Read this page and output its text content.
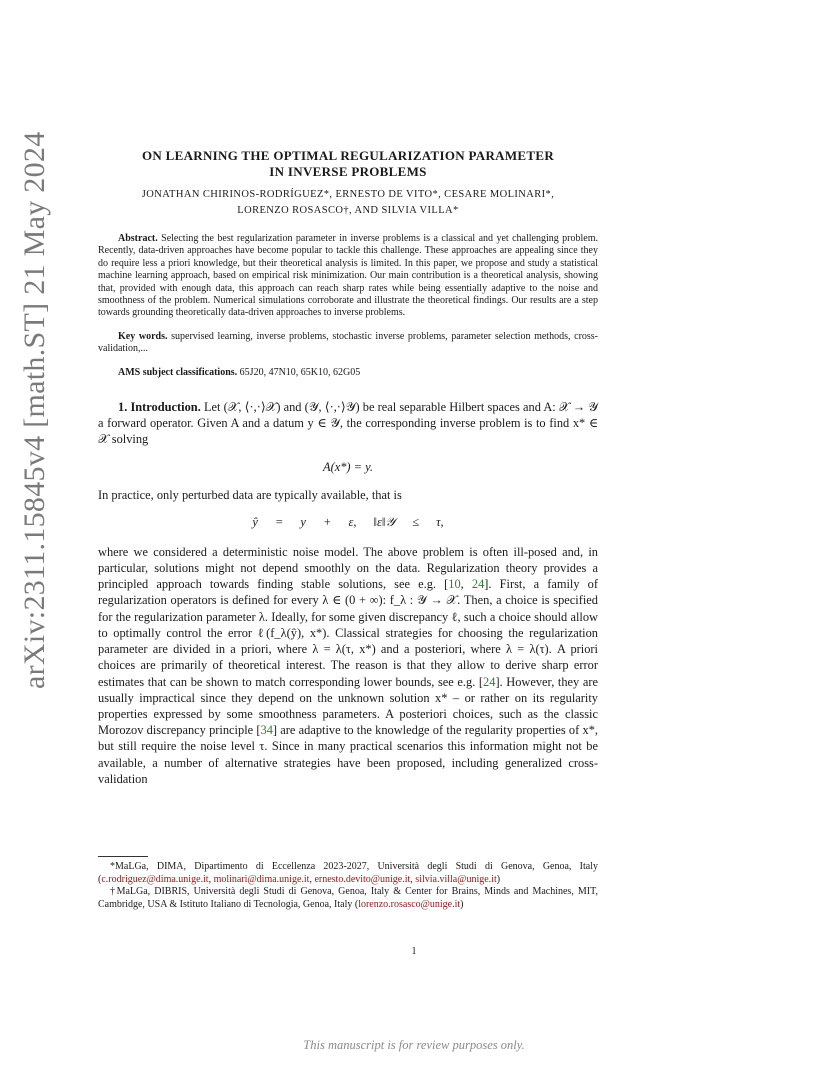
arXiv:2311.15845v4 [math.ST] 21 May 2024	ON LEARNING THE OPTIMAL REGULARIZATION PARAMETER
IN INVERSE PROBLEMS
JONATHAN CHIRINOS-RODRÍGUEZ*, ERNESTO DE VITO*, CESARE MOLINARI*,
LORENZO ROSASCO†, AND SILVIA VILLA*
Abstract. Selecting the best regularization parameter in inverse problems is a classical and yet challenging problem. Recently, data-driven approaches have become popular to tackle this challenge. These approaches are appealing since they do require less a priori knowledge, but their theoretical analysis is limited. In this paper, we propose and study a statistical machine learning approach, based on empirical risk minimization. Our main contribution is a theoretical analysis, showing that, provided with enough data, this approach can reach sharp rates while being essentially adaptive to the noise and smoothness of the problem. Numerical simulations corroborate and illustrate the theoretical findings. Our results are a step towards grounding theoretically data-driven approaches to inverse problems.
Key words. supervised learning, inverse problems, stochastic inverse problems, parameter selection methods, cross-validation,...
AMS subject classifications. 65J20, 47N10, 65K10, 62G05
1. Introduction. Let (𝒳, ⟨·,·⟩𝒳) and (𝒴, ⟨·,·⟩𝒴) be real separable Hilbert spaces and A: 𝒳 → 𝒴 a forward operator. Given A and a datum y ∈ 𝒴, the corresponding inverse problem is to find x* ∈ 𝒳 solving
A(x*) = y.
In practice, only perturbed data are typically available, that is
ŷ = y + ε, ‖ε‖𝒴 ≤ τ,
where we considered a deterministic noise model. The above problem is often ill-posed and, in particular, solutions might not depend smoothly on the data. Regularization theory provides a principled approach towards finding stable solutions, see e.g. [10, 24]. First, a family of regularization operators is defined for every λ ∈ (0 + ∞): f_λ : 𝒴 → 𝒳. Then, a choice is specified for the regularization parameter λ. Ideally, for some given discrepancy ℓ, such a choice should allow to optimally control the error ℓ(f_λ(ŷ), x*). Classical strategies for choosing the regularization parameter are divided in a priori, where λ = λ(τ, x*) and a posteriori, where λ = λ(τ). A priori choices are primarily of theoretical interest. The reason is that they allow to derive sharp error estimates that can be shown to match corresponding lower bounds, see e.g. [24]. However, they are usually impractical since they depend on the unknown solution x* – or rather on its regularity properties expressed by some smoothness parameters. A posteriori choices, such as the classic Morozov discrepancy principle [34] are adaptive to the knowledge of the regularity properties of x*, but still require the noise level τ. Since in many practical scenarios this information might not be available, a number of alternative strategies have been proposed, including generalized cross-validation
*MaLGa, DIMA, Dipartimento di Eccellenza 2023-2027, Università degli Studi di Genova, Genoa, Italy (c.rodriguez@dima.unige.it, molinari@dima.unige.it, ernesto.devito@unige.it, silvia.villa@unige.it)
†MaLGa, DIBRIS, Università degli Studi di Genova, Genoa, Italy & Center for Brains, Minds and Machines, MIT, Cambridge, USA & Istituto Italiano di Tecnologia, Genoa, Italy (lorenzo.rosasco@unige.it)
1
This manuscript is for review purposes only.
